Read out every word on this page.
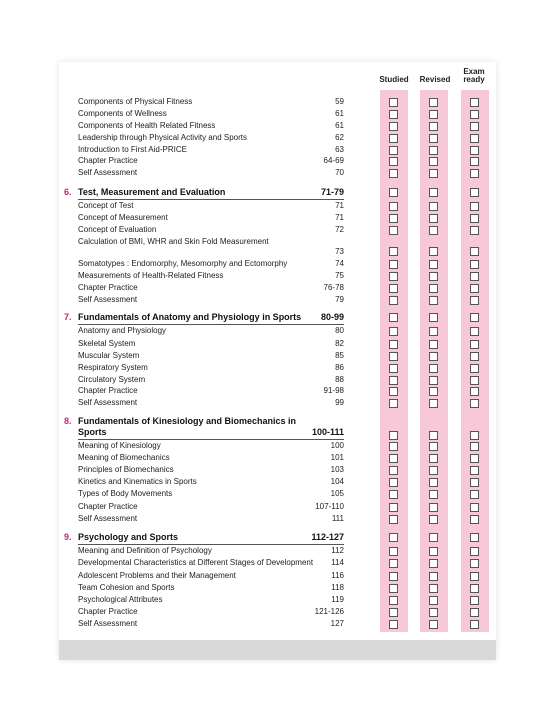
Studied	Revised
Exam ready
Components of Physical Fitness	59
Components of Wellness	61
Components of Health Related Fitness	61
Leadership through Physical Activity and Sports	62
Introduction to First Aid-PRICE	63
Chapter Practice	64-69
Self Assessment	70
6. Test, Measurement and Evaluation	71-79
Concept of Test	71
Concept of Measurement	71
Concept of Evaluation	72
Calculation of BMI, WHR and Skin Fold Measurement
73
Somatotypes : Endomorphy, Mesomorphy and Ectomorphy	74
Measurements of Health-Related Fitness	75
Chapter Practice	76-78
Self Assessment	79
7. Fundamentals of Anatomy and Physiology in Sports 80-99
Anatomy and Physiology	80
Skeletal System	82
Muscular System	85
Respiratory System	86
Circulatory System	88
Chapter Practice	91-98
Self Assessment	99
8. Fundamentals of Kinesiology and Biomechanics in Sports	100-111
Meaning of Kinesiology	100
Meaning of Biomechanics	101
Principles of Biomechanics	103
Kinetics and Kinematics in Sports	104
Types of Body Movements	105
Chapter Practice	107-110
Self Assessment	111
9. Psychology and Sports	112-127
Meaning and Definition of Psychology	112
Developmental Characteristics at Different Stages of Development 114
Adolescent Problems and their Management	116
Team Cohesion and Sports	118
Psychological Attributes	119
Chapter Practice	121-126
Self Assessment	127
